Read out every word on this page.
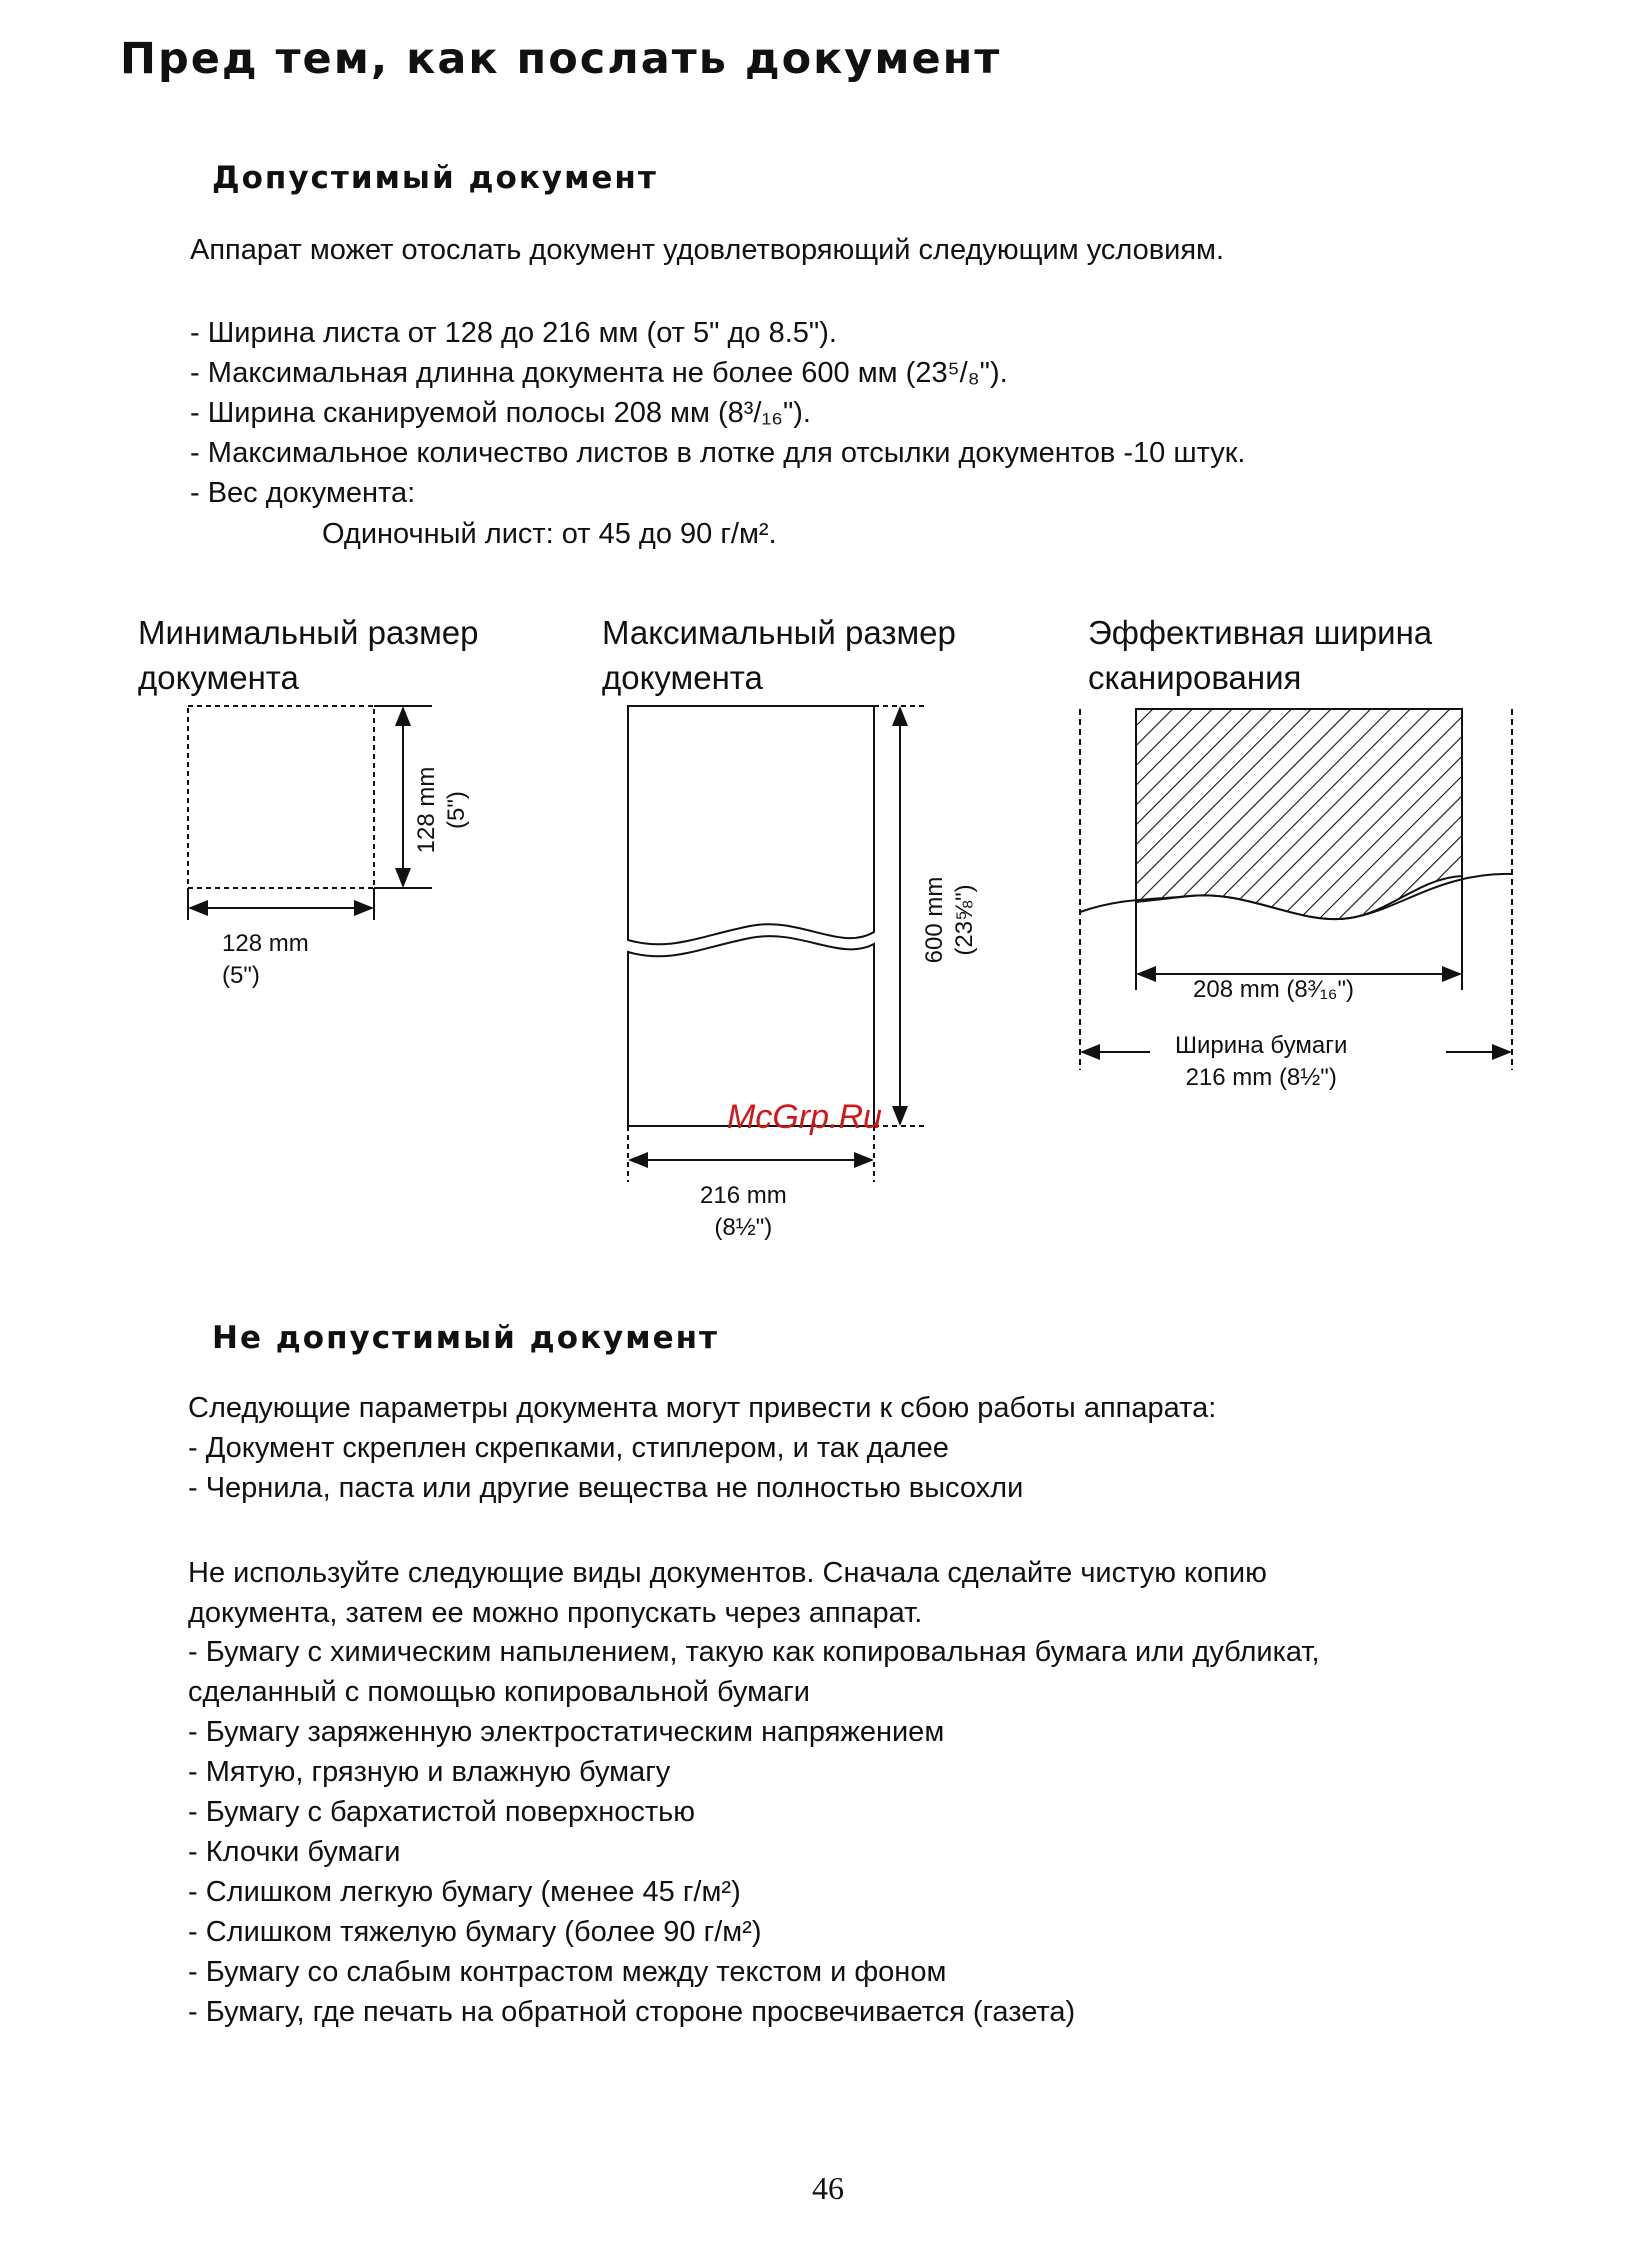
Пред тем, как послать документ
Допустимый документ
Аппарат может отослать документ удовлетворяющий следующим условиям.
- Ширина листа от 128 до 216 мм (от 5" до 8.5").
- Максимальная длинна документа не более 600 мм (23⁵/₈").
- Ширина сканируемой полосы 208 мм (8³/₁₆").
- Максимальное количество листов в лотке для отсылки документов -10 штук.
- Вес документа:
Одиночный лист: от 45 до 90 г/м².
Минимальный размер
документа
Максимальный размер
документа
Эффективная ширина
сканирования
128 mm (5")
128 mm
(5")
600 mm (23⅝")
216 mm
(8½")
208 mm (8³⁄₁₆")
Ширина бумаги
216 mm (8½")
McGrp.Ru
Не допустимый документ
Следующие параметры документа могут привести к сбою работы аппарата:
- Документ скреплен скрепками, стиплером, и так далее
- Чернила, паста или другие вещества не полностью высохли
Не используйте следующие виды документов. Сначала сделайте чистую копию
документа, затем ее можно пропускать через аппарат.
- Бумагу с химическим напылением, такую как копировальная бумага или дубликат,
сделанный с помощью копировальной бумаги
- Бумагу заряженную электростатическим напряжением
- Мятую, грязную и влажную бумагу
- Бумагу с бархатистой поверхностью
- Клочки бумаги
- Слишком легкую бумагу (менее 45 г/м²)
- Слишком тяжелую бумагу (более 90 г/м²)
- Бумагу со слабым контрастом между текстом и фоном
- Бумагу, где печать на обратной стороне просвечивается (газета)
46
